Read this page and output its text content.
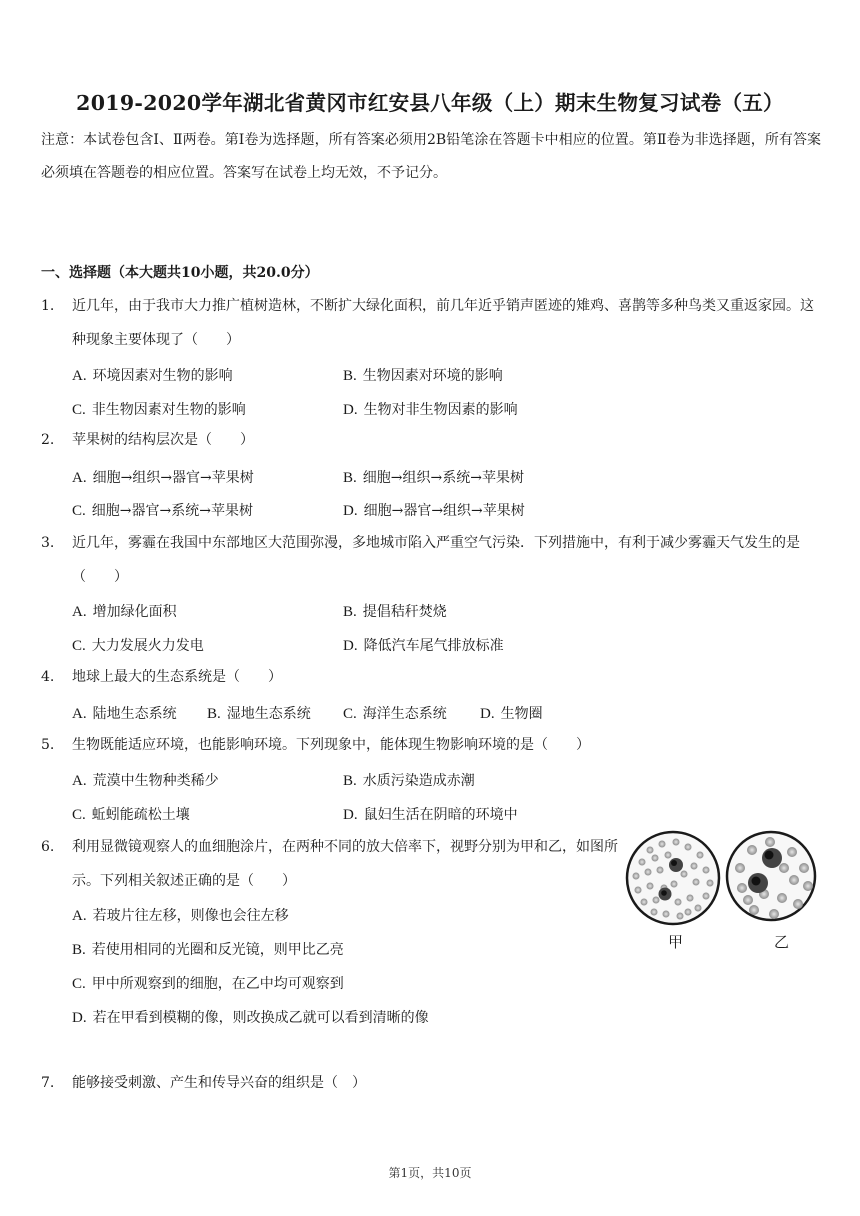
2019-2020学年湖北省黄冈市红安县八年级（上）期末生物复习试卷（五）
注意：本试卷包含Ⅰ、Ⅱ两卷。第Ⅰ卷为选择题，所有答案必须用2B铅笔涂在答题卡中相应的位置。第Ⅱ卷为非选择题，所有答案必须填在答题卷的相应位置。答案写在试卷上均无效，不予记分。
一、选择题（本大题共10小题，共20.0分）
1. 近几年，由于我市大力推广植树造林，不断扩大绿化面积，前几年近乎销声匿迹的雉鸡、喜鹊等多种鸟类又重返家园。这种现象主要体现了（　　）
A. 环境因素对生物的影响	B. 生物因素对环境的影响
C. 非生物因素对生物的影响	D. 生物对非生物因素的影响
2. 苹果树的结构层次是（　　）
A. 细胞→组织→器官→苹果树	B. 细胞→组织→系统→苹果树
C. 细胞→器官→系统→苹果树	D. 细胞→器官→组织→苹果树
3. 近几年，雾霾在我国中东部地区大范围弥漫，多地城市陷入严重空气污染．下列措施中，有利于减少雾霾天气发生的是（　　）
A. 增加绿化面积	B. 提倡秸秆焚烧
C. 大力发展火力发电	D. 降低汽车尾气排放标准
4. 地球上最大的生态系统是（　　）
A. 陆地生态系统 B. 湿地生态系统 C. 海洋生态系统 D. 生物圈
5. 生物既能适应环境，也能影响环境。下列现象中，能体现生物影响环境的是（　　）
A. 荒漠中生物种类稀少	B. 水质污染造成赤潮
C. 蚯蚓能疏松土壤	D. 鼠妇生活在阴暗的环境中
6. 利用显微镜观察人的血细胞涂片，在两种不同的放大倍率下，视野分别为甲和乙，如图所示。下列相关叙述正确的是（　　）
A. 若玻片往左移，则像也会往左移
B. 若使用相同的光圈和反光镜，则甲比乙亮
C. 甲中所观察到的细胞，在乙中均可观察到
D. 若在甲看到模糊的像，则改换成乙就可以看到清晰的像
甲	乙
7. 能够接受刺激、产生和传导兴奋的组织是（　）
第1页，共10页
